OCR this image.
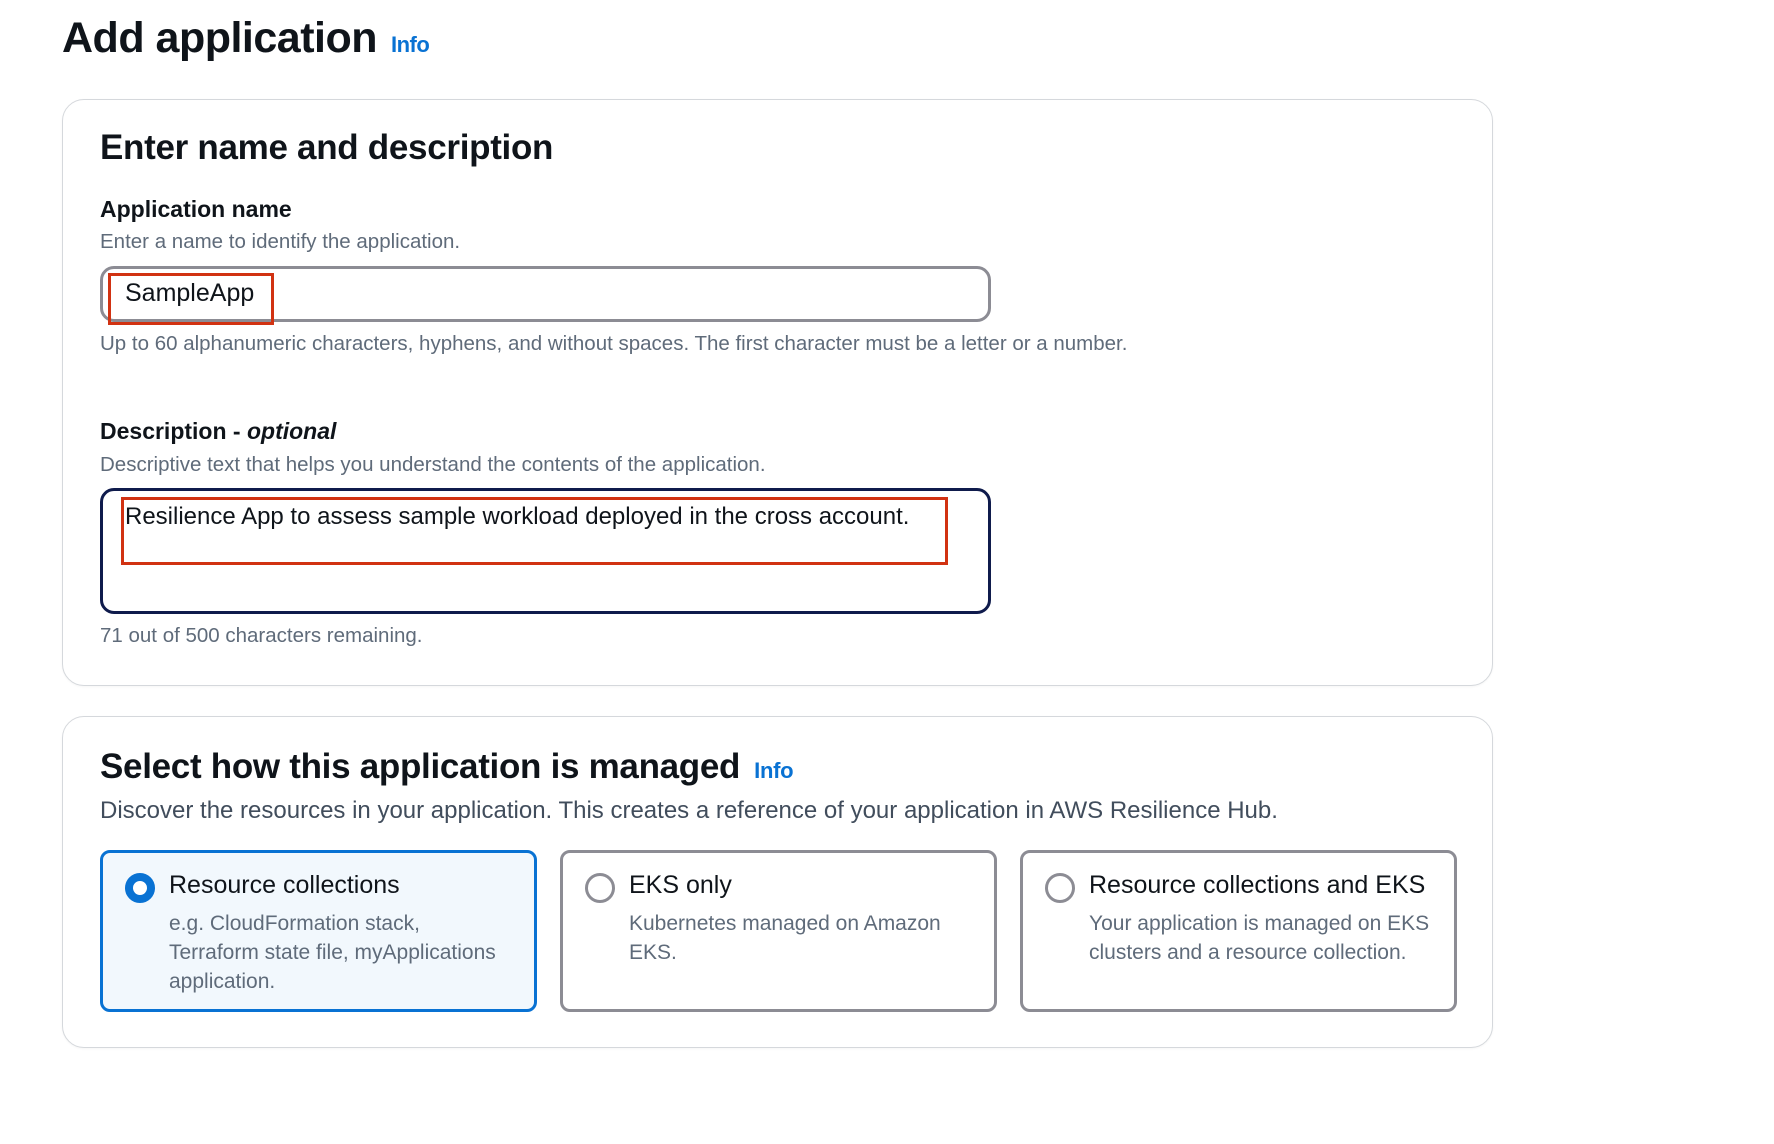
Add application Info
Enter name and description
Application name
Enter a name to identify the application.
SampleApp
Up to 60 alphanumeric characters, hyphens, and without spaces. The first character must be a letter or a number.
Description - optional
Descriptive text that helps you understand the contents of the application.
Resilience App to assess sample workload deployed in the cross account.
71 out of 500 characters remaining.
Select how this application is managed Info
Discover the resources in your application. This creates a reference of your application in AWS Resilience Hub.
Resource collections
e.g. CloudFormation stack, Terraform state file, myApplications application.
EKS only
Kubernetes managed on Amazon EKS.
Resource collections and EKS
Your application is managed on EKS clusters and a resource collection.
